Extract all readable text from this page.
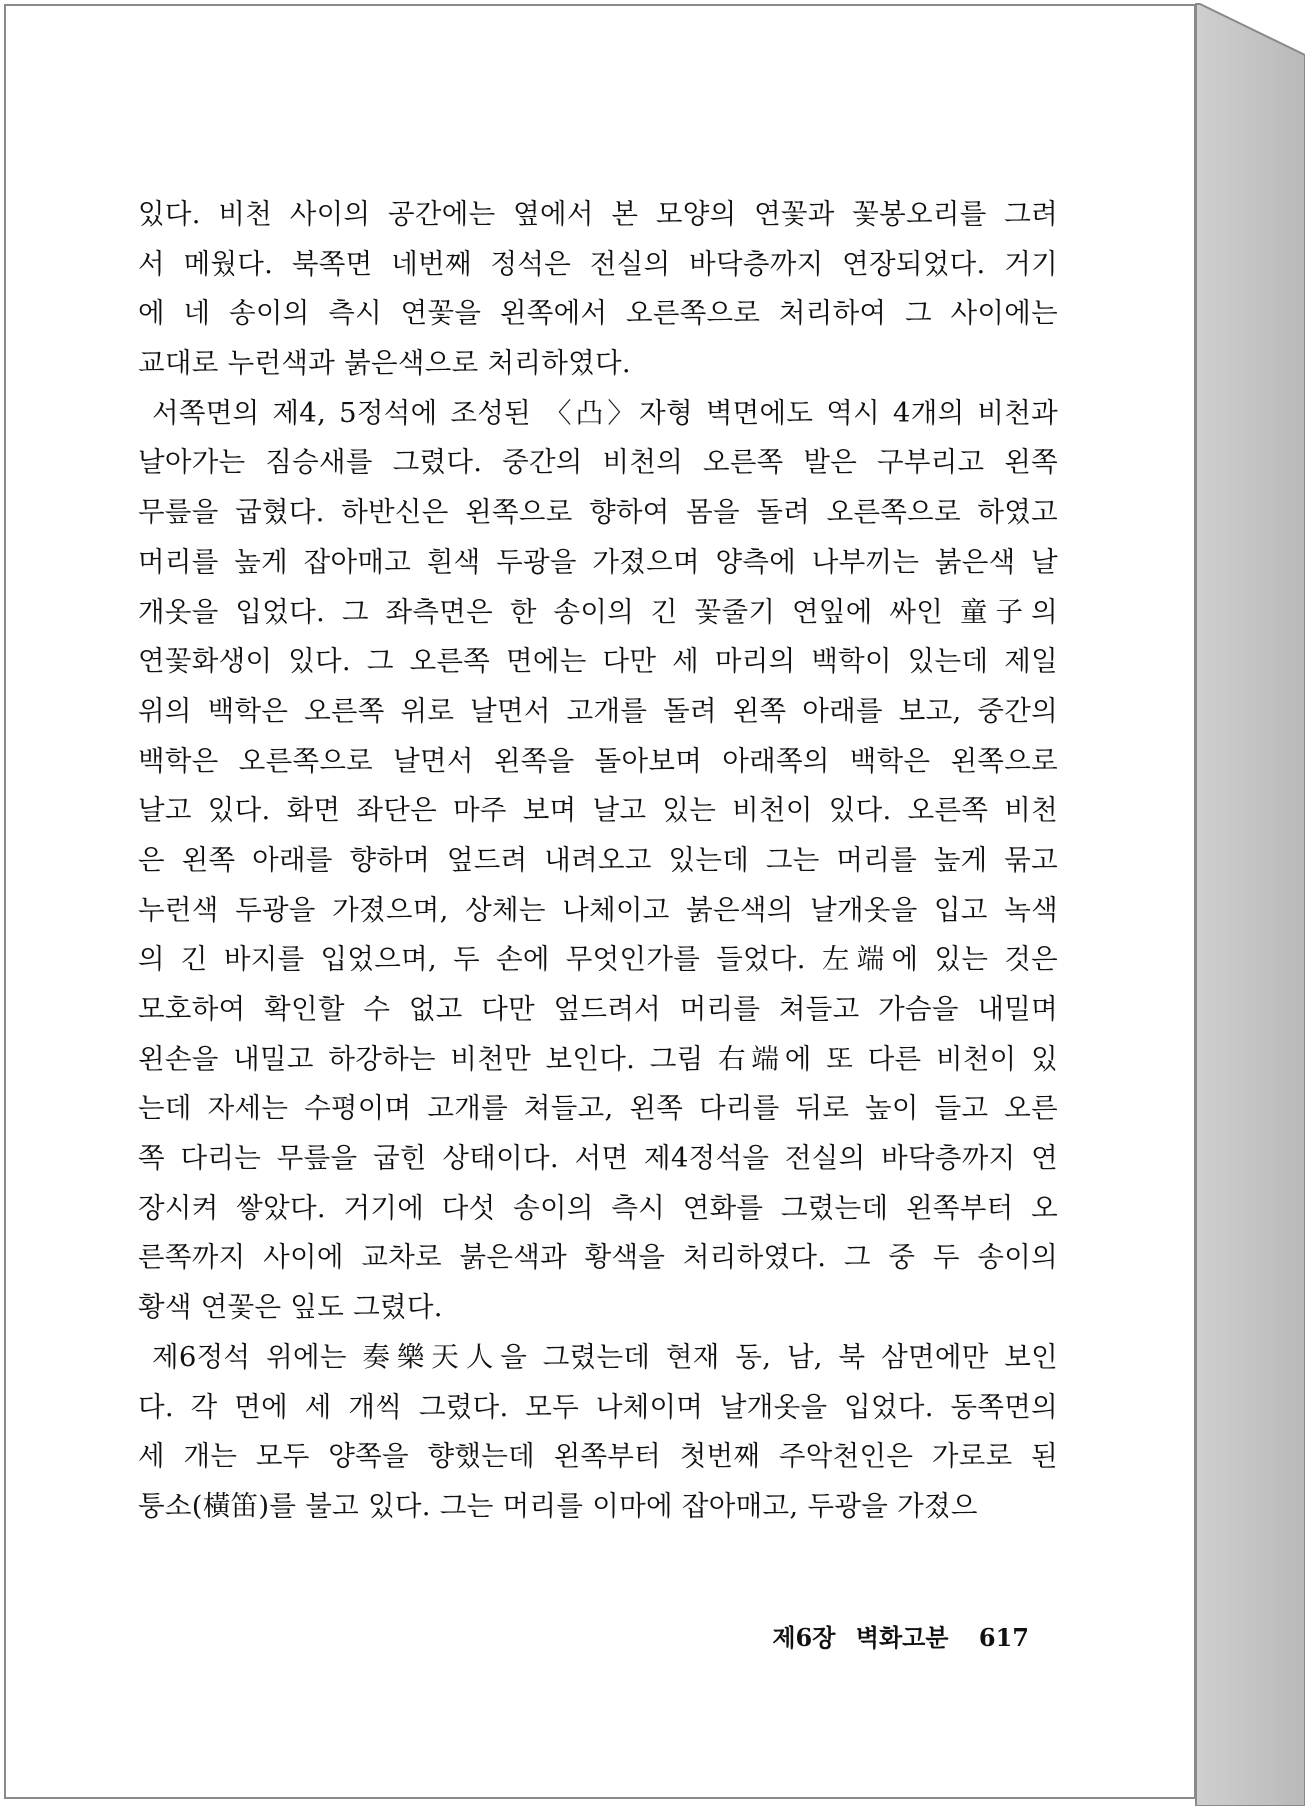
있다. 비천 사이의 공간에는 옆에서 본 모양의 연꽃과 꽃봉오리를 그려
서 메웠다. 북쪽면 네번째 정석은 전실의 바닥층까지 연장되었다. 거기
에 네 송이의 측시 연꽃을 왼쪽에서 오른쪽으로 처리하여 그 사이에는
교대로 누런색과 붉은색으로 처리하였다.
서쪽면의 제4, 5정석에 조성된 〈凸〉자형 벽면에도 역시 4개의 비천과
날아가는 짐승새를 그렸다. 중간의 비천의 오른쪽 발은 구부리고 왼쪽
무릎을 굽혔다. 하반신은 왼쪽으로 향하여 몸을 돌려 오른쪽으로 하였고
머리를 높게 잡아매고 흰색 두광을 가졌으며 양측에 나부끼는 붉은색 날
개옷을 입었다. 그 좌측면은 한 송이의 긴 꽃줄기 연잎에 싸인 童子의
연꽃화생이 있다. 그 오른쪽 면에는 다만 세 마리의 백학이 있는데 제일
위의 백학은 오른쪽 위로 날면서 고개를 돌려 왼쪽 아래를 보고, 중간의
백학은 오른쪽으로 날면서 왼쪽을 돌아보며 아래쪽의 백학은 왼쪽으로
날고 있다. 화면 좌단은 마주 보며 날고 있는 비천이 있다. 오른쪽 비천
은 왼쪽 아래를 향하며 엎드려 내려오고 있는데 그는 머리를 높게 묶고
누런색 두광을 가졌으며, 상체는 나체이고 붉은색의 날개옷을 입고 녹색
의 긴 바지를 입었으며, 두 손에 무엇인가를 들었다. 左端에 있는 것은
모호하여 확인할 수 없고 다만 엎드려서 머리를 쳐들고 가슴을 내밀며
왼손을 내밀고 하강하는 비천만 보인다. 그림 右端에 또 다른 비천이 있
는데 자세는 수평이며 고개를 쳐들고, 왼쪽 다리를 뒤로 높이 들고 오른
쪽 다리는 무릎을 굽힌 상태이다. 서면 제4정석을 전실의 바닥층까지 연
장시켜 쌓았다. 거기에 다섯 송이의 측시 연화를 그렸는데 왼쪽부터 오
른쪽까지 사이에 교차로 붉은색과 황색을 처리하였다. 그 중 두 송이의
황색 연꽃은 잎도 그렸다.
제6정석 위에는 奏樂天人을 그렸는데 현재 동, 남, 북 삼면에만 보인
다. 각 면에 세 개씩 그렸다. 모두 나체이며 날개옷을 입었다. 동쪽면의
세 개는 모두 양쪽을 향했는데 왼쪽부터 첫번째 주악천인은 가로로 된
퉁소(橫笛)를 불고 있다. 그는 머리를 이마에 잡아매고, 두광을 가졌으
제6장 벽화고분 617
